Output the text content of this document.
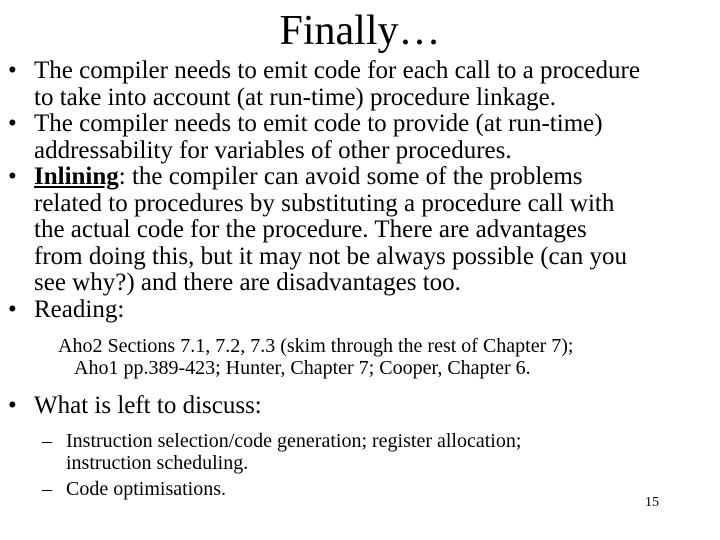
Finally…
• The compiler needs to emit code for each call to a procedure
to take into account (at run-time) procedure linkage.
• The compiler needs to emit code to provide (at run-time)
addressability for variables of other procedures.
• Inlining: the compiler can avoid some of the problems
related to procedures by substituting a procedure call with
the actual code for the procedure. There are advantages
from doing this, but it may not be always possible (can you
see why?) and there are disadvantages too.
• Reading:
Aho2 Sections 7.1, 7.2, 7.3 (skim through the rest of Chapter 7);
Aho1 pp.389-423; Hunter, Chapter 7; Cooper, Chapter 6.
• What is left to discuss:
– Instruction selection/code generation; register allocation;
instruction scheduling.
– Code optimisations.
15
